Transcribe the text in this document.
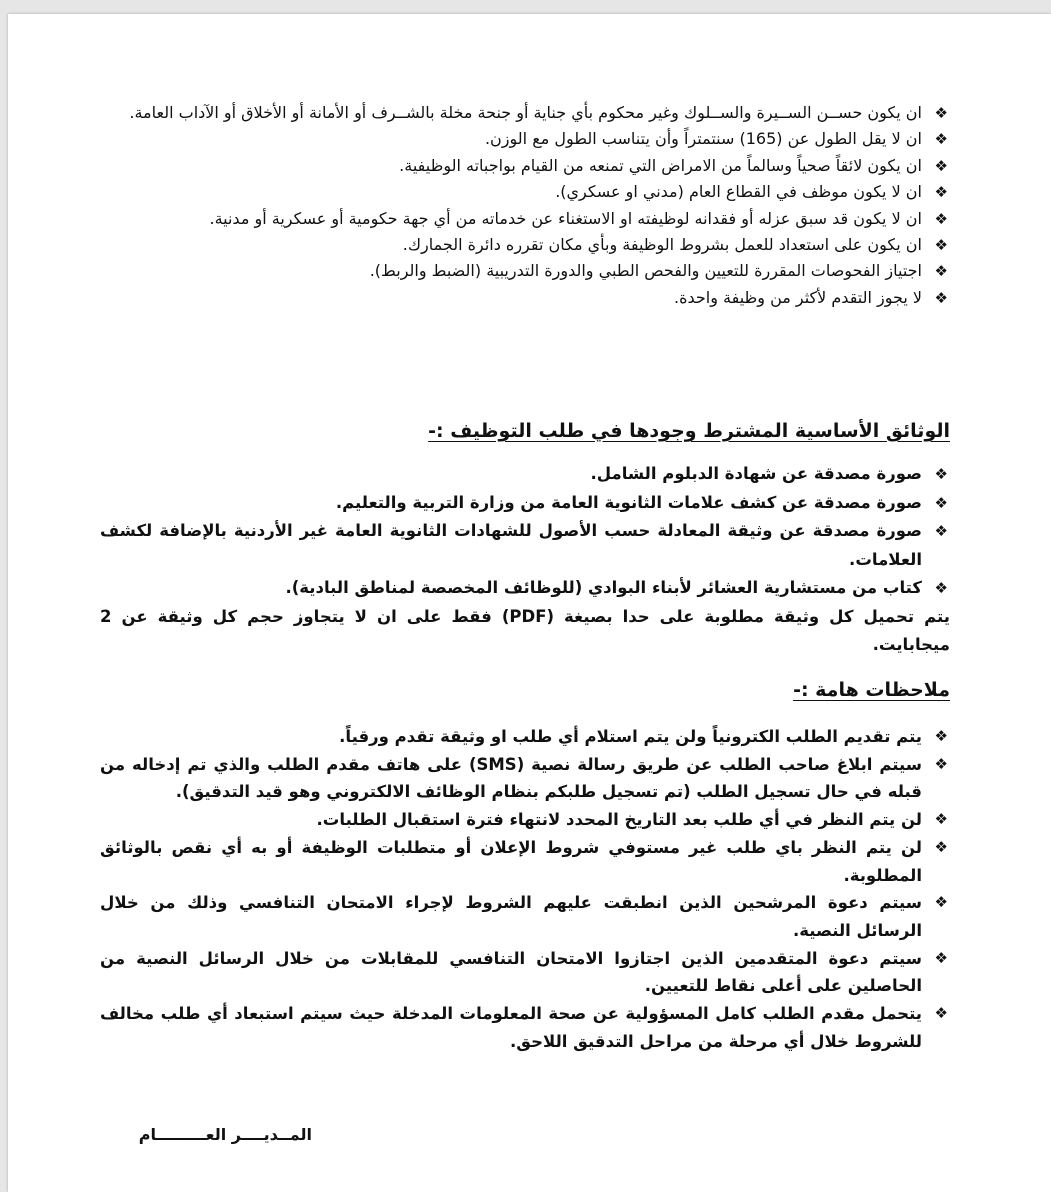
❖
ان يكون حســن الســيرة والســلوك وغير محكوم بأي جناية أو جنحة مخلة بالشــرف أو الأمانة أو الأخلاق أو الآداب العامة.
❖
ان لا يقل الطول عن (165) سنتمتراً وأن يتناسب الطول مع الوزن.
❖
ان يكون لائقاً صحياً وسالماً من الامراض التي تمنعه من القيام بواجباته الوظيفية.
❖
ان لا يكون موظف في القطاع العام (مدني او عسكري).
❖
ان لا يكون قد سبق عزله أو فقدانه لوظيفته او الاستغناء عن خدماته من أي جهة حكومية أو عسكرية أو مدنية.
❖
ان يكون على استعداد للعمل بشروط الوظيفة وبأي مكان تقرره دائرة الجمارك.
❖
اجتياز الفحوصات المقررة للتعيين والفحص الطبي والدورة التدريبية (الضبط والربط).
❖
لا يجوز التقدم لأكثر من وظيفة واحدة.
الوثائق الأساسية المشترط وجودها في طلب التوظيف :-
❖
صورة مصدقة عن شهادة الدبلوم الشامل.
❖
صورة مصدقة عن كشف علامات الثانوية العامة من وزارة التربية والتعليم.
❖
صورة مصدقة عن وثيقة المعادلة حسب الأصول للشهادات الثانوية العامة غير الأردنية بالإضافة لكشف العلامات.
❖
كتاب من مستشارية العشائر لأبناء البوادي (للوظائف المخصصة لمناطق البادية).
يتم تحميل كل وثيقة مطلوبة على حدا بصيغة (PDF) فقط على ان لا يتجاوز حجم كل وثيقة عن 2 ميجابايت.
ملاحظات هامة :-
❖
يتم تقديم الطلب الكترونياً ولن يتم استلام أي طلب او وثيقة تقدم ورقياً.
❖
سيتم ابلاغ صاحب الطلب عن طريق رسالة نصية (SMS) على هاتف مقدم الطلب والذي تم إدخاله من قبله في حال تسجيل الطلب (تم تسجيل طلبكم بنظام الوظائف الالكتروني وهو قيد التدقيق).
❖
لن يتم النظر في أي طلب بعد التاريخ المحدد لانتهاء فترة استقبال الطلبات.
❖
لن يتم النظر باي طلب غير مستوفي شروط الإعلان أو متطلبات الوظيفة أو به أي نقص بالوثائق المطلوبة.
❖
سيتم دعوة المرشحين الذين انطبقت عليهم الشروط لإجراء الامتحان التنافسي وذلك من خلال الرسائل النصية.
❖
سيتم دعوة المتقدمين الذين اجتازوا الامتحان التنافسي للمقابلات من خلال الرسائل النصية من الحاصلين على أعلى نقاط للتعيين.
❖
يتحمل مقدم الطلب كامل المسؤولية عن صحة المعلومات المدخلة حيث سيتم استبعاد أي طلب مخالف للشروط خلال أي مرحلة من مراحل التدقيق اللاحق.
المــديــــر العـــــــــام
